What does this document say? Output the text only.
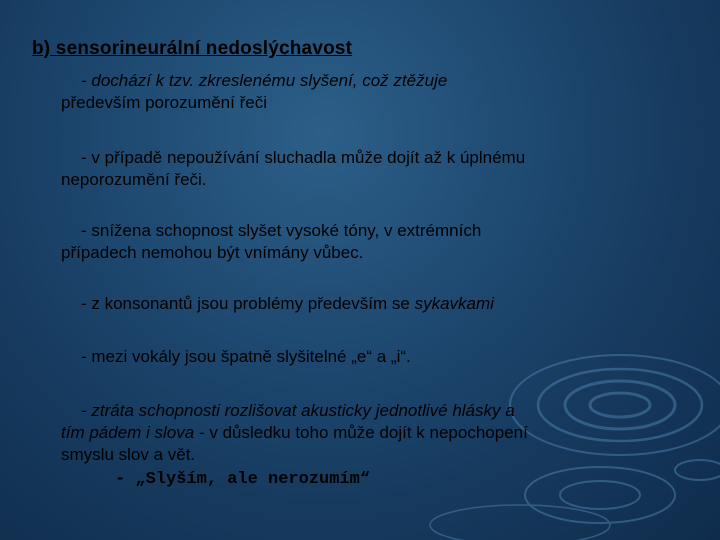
b) sensorineurální nedoslýchavost
- dochází k tzv. zkreslenému slyšení, což ztěžuje
především porozumění řeči
- v případě nepoužívání sluchadla může dojít až k úplnému
neporozumění řeči.
- snížena schopnost slyšet vysoké tóny, v extrémních
případech nemohou být vnímány vůbec.
- z konsonantů jsou problémy především se sykavkami
- mezi vokály jsou špatně slyšitelné „e“ a „i“.
- ztráta schopnosti rozlišovat akusticky jednotlivé hlásky a
tím pádem i slova - v důsledku toho může dojít k nepochopení
smyslu slov a vět.
- „Slyším, ale nerozumím“
